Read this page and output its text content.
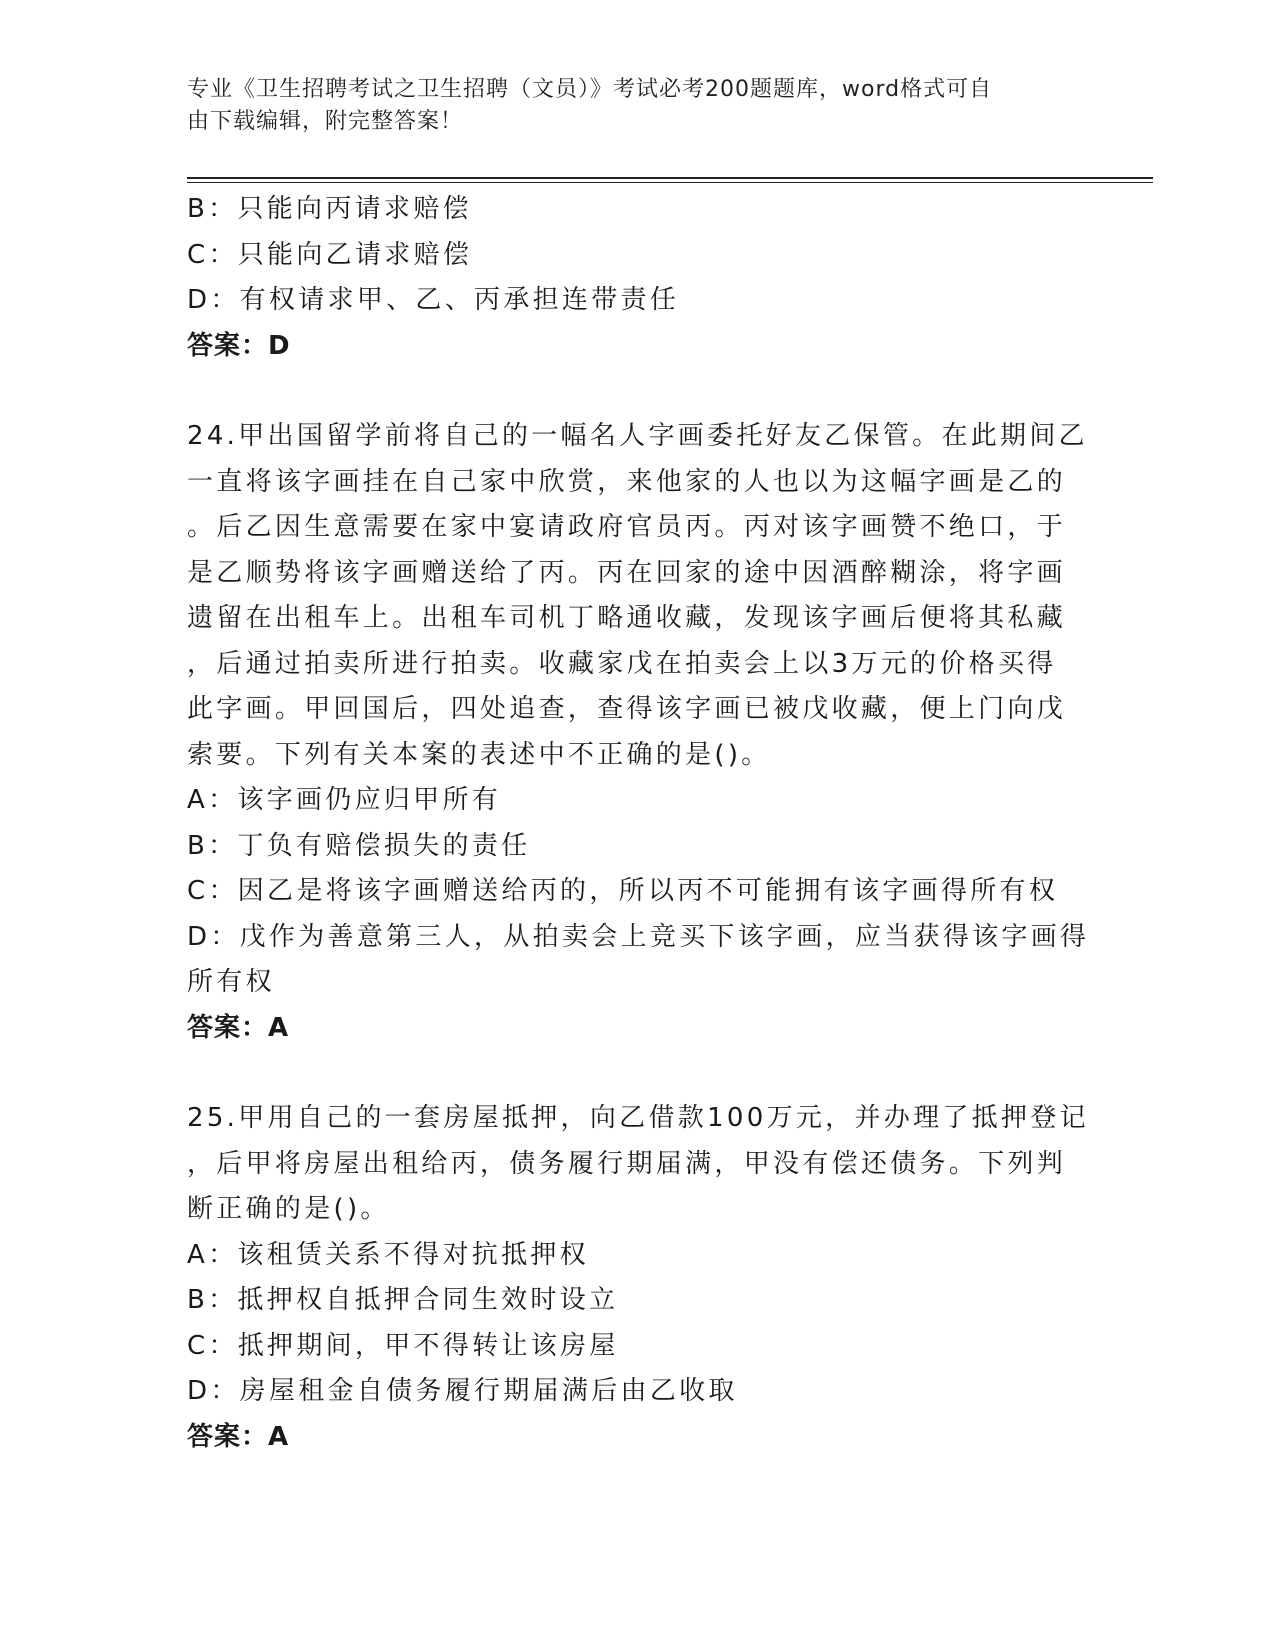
专业《卫生招聘考试之卫生招聘（文员）》考试必考200题题库，word格式可自
由下载编辑，附完整答案！
B：只能向丙请求赔偿
C：只能向乙请求赔偿
D：有权请求甲、乙、丙承担连带责任
答案：D
24.甲出国留学前将自己的一幅名人字画委托好友乙保管。在此期间乙
一直将该字画挂在自己家中欣赏，来他家的人也以为这幅字画是乙的
。后乙因生意需要在家中宴请政府官员丙。丙对该字画赞不绝口，于
是乙顺势将该字画赠送给了丙。丙在回家的途中因酒醉糊涂，将字画
遗留在出租车上。出租车司机丁略通收藏，发现该字画后便将其私藏
，后通过拍卖所进行拍卖。收藏家戊在拍卖会上以3万元的价格买得
此字画。甲回国后，四处追查，查得该字画已被戊收藏，便上门向戊
索要。下列有关本案的表述中不正确的是()。
A：该字画仍应归甲所有
B：丁负有赔偿损失的责任
C：因乙是将该字画赠送给丙的，所以丙不可能拥有该字画得所有权
D：戊作为善意第三人，从拍卖会上竞买下该字画，应当获得该字画得
所有权
答案：A
25.甲用自己的一套房屋抵押，向乙借款100万元，并办理了抵押登记
，后甲将房屋出租给丙，债务履行期届满，甲没有偿还债务。下列判
断正确的是()。
A：该租赁关系不得对抗抵押权
B：抵押权自抵押合同生效时设立
C：抵押期间，甲不得转让该房屋
D：房屋租金自债务履行期届满后由乙收取
答案：A
